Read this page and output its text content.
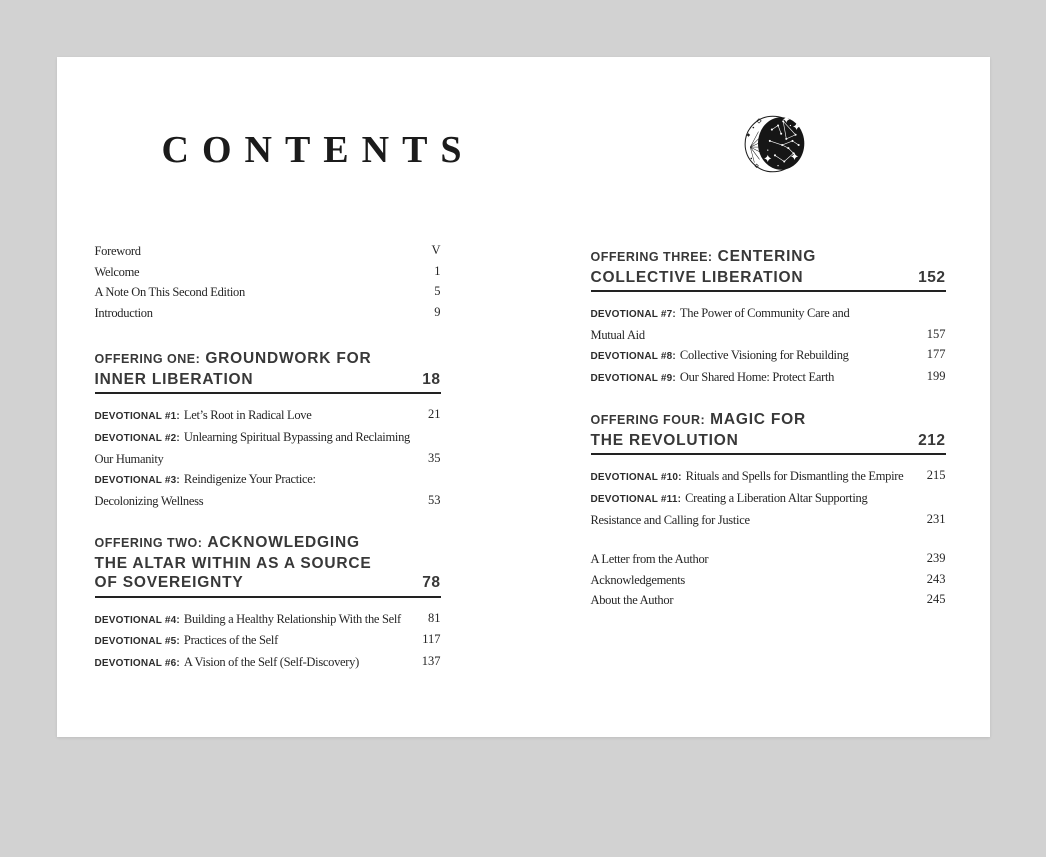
CONTENTS
Foreword	V
Welcome	1
A Note On This Second Edition	5
Introduction	9
OFFERING ONE: GROUNDWORK FOR
INNER LIBERATION	18
DEVOTIONAL #1: Let’s Root in Radical Love	21
DEVOTIONAL #2: Unlearning Spiritual Bypassing and Reclaiming
Our Humanity	35
DEVOTIONAL #3: Reindigenize Your Practice:
Decolonizing Wellness	53
OFFERING TWO: ACKNOWLEDGING
THE ALTAR WITHIN AS A SOURCE
OF SOVEREIGNTY	78
DEVOTIONAL #4: Building a Healthy Relationship With the Self 81
DEVOTIONAL #5: Practices of the Self	117
DEVOTIONAL #6: A Vision of the Self (Self-Discovery)	137
OFFERING THREE: CENTERING
COLLECTIVE LIBERATION	152
DEVOTIONAL #7: The Power of Community Care and
Mutual Aid	157
DEVOTIONAL #8: Collective Visioning for Rebuilding	177
DEVOTIONAL #9: Our Shared Home: Protect Earth	199
OFFERING FOUR: MAGIC FOR
THE REVOLUTION	212
DEVOTIONAL #10: Rituals and Spells for Dismantling the Empire 215
DEVOTIONAL #11: Creating a Liberation Altar Supporting
Resistance and Calling for Justice	231
A Letter from the Author	239
Acknowledgements	243
About the Author	245
